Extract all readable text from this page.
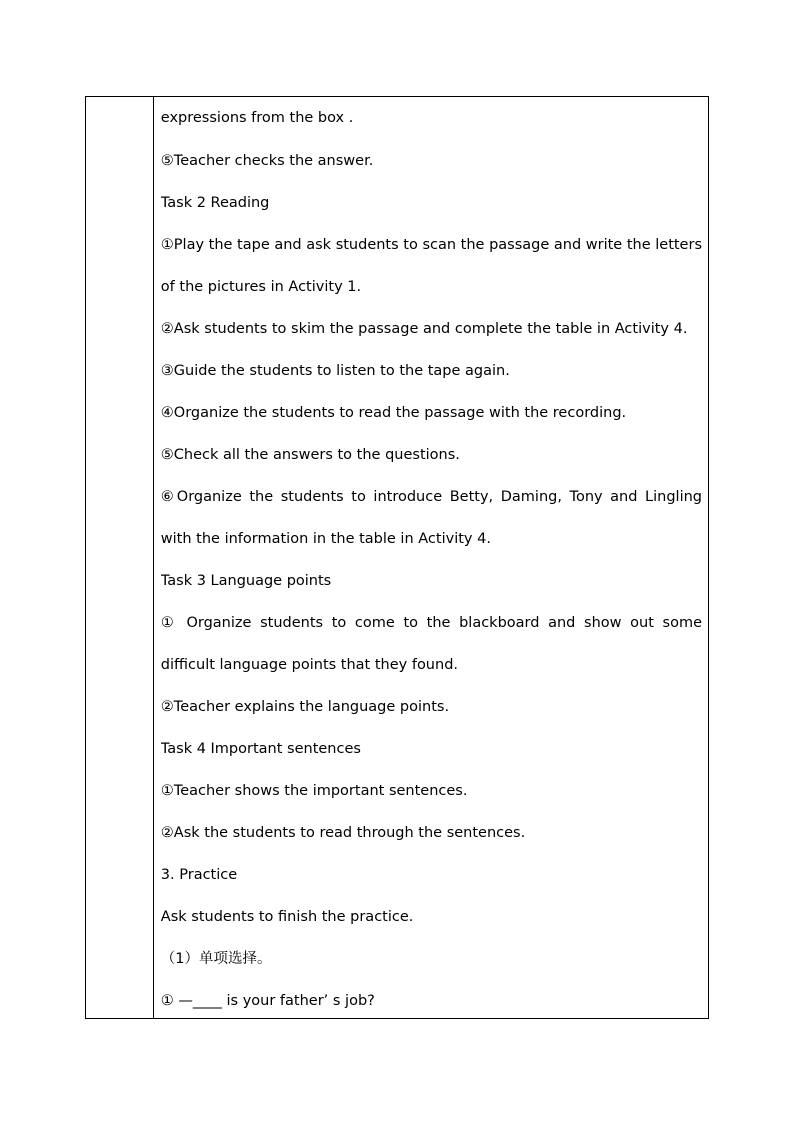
expressions from the box .
⑤Teacher checks the answer.
Task 2 Reading
①Play the tape and ask students to scan the passage and write the letters
of the pictures in Activity 1.
②Ask students to skim the passage and complete the table in Activity 4.
③Guide the students to listen to the tape again.
④Organize the students to read the passage with the recording.
⑤Check all the answers to the questions.
⑥Organize the students to introduce Betty, Daming, Tony and Lingling
with the information in the table in Activity 4.
Task 3 Language points
① Organize students to come to the blackboard and show out some
difficult language points that they found.
②Teacher explains the language points.
Task 4 Important sentences
①Teacher shows the important sentences.
②Ask the students to read through the sentences.
3. Practice
Ask students to finish the practice.
（1）单项选择。
① —____ is your father’ s job?
